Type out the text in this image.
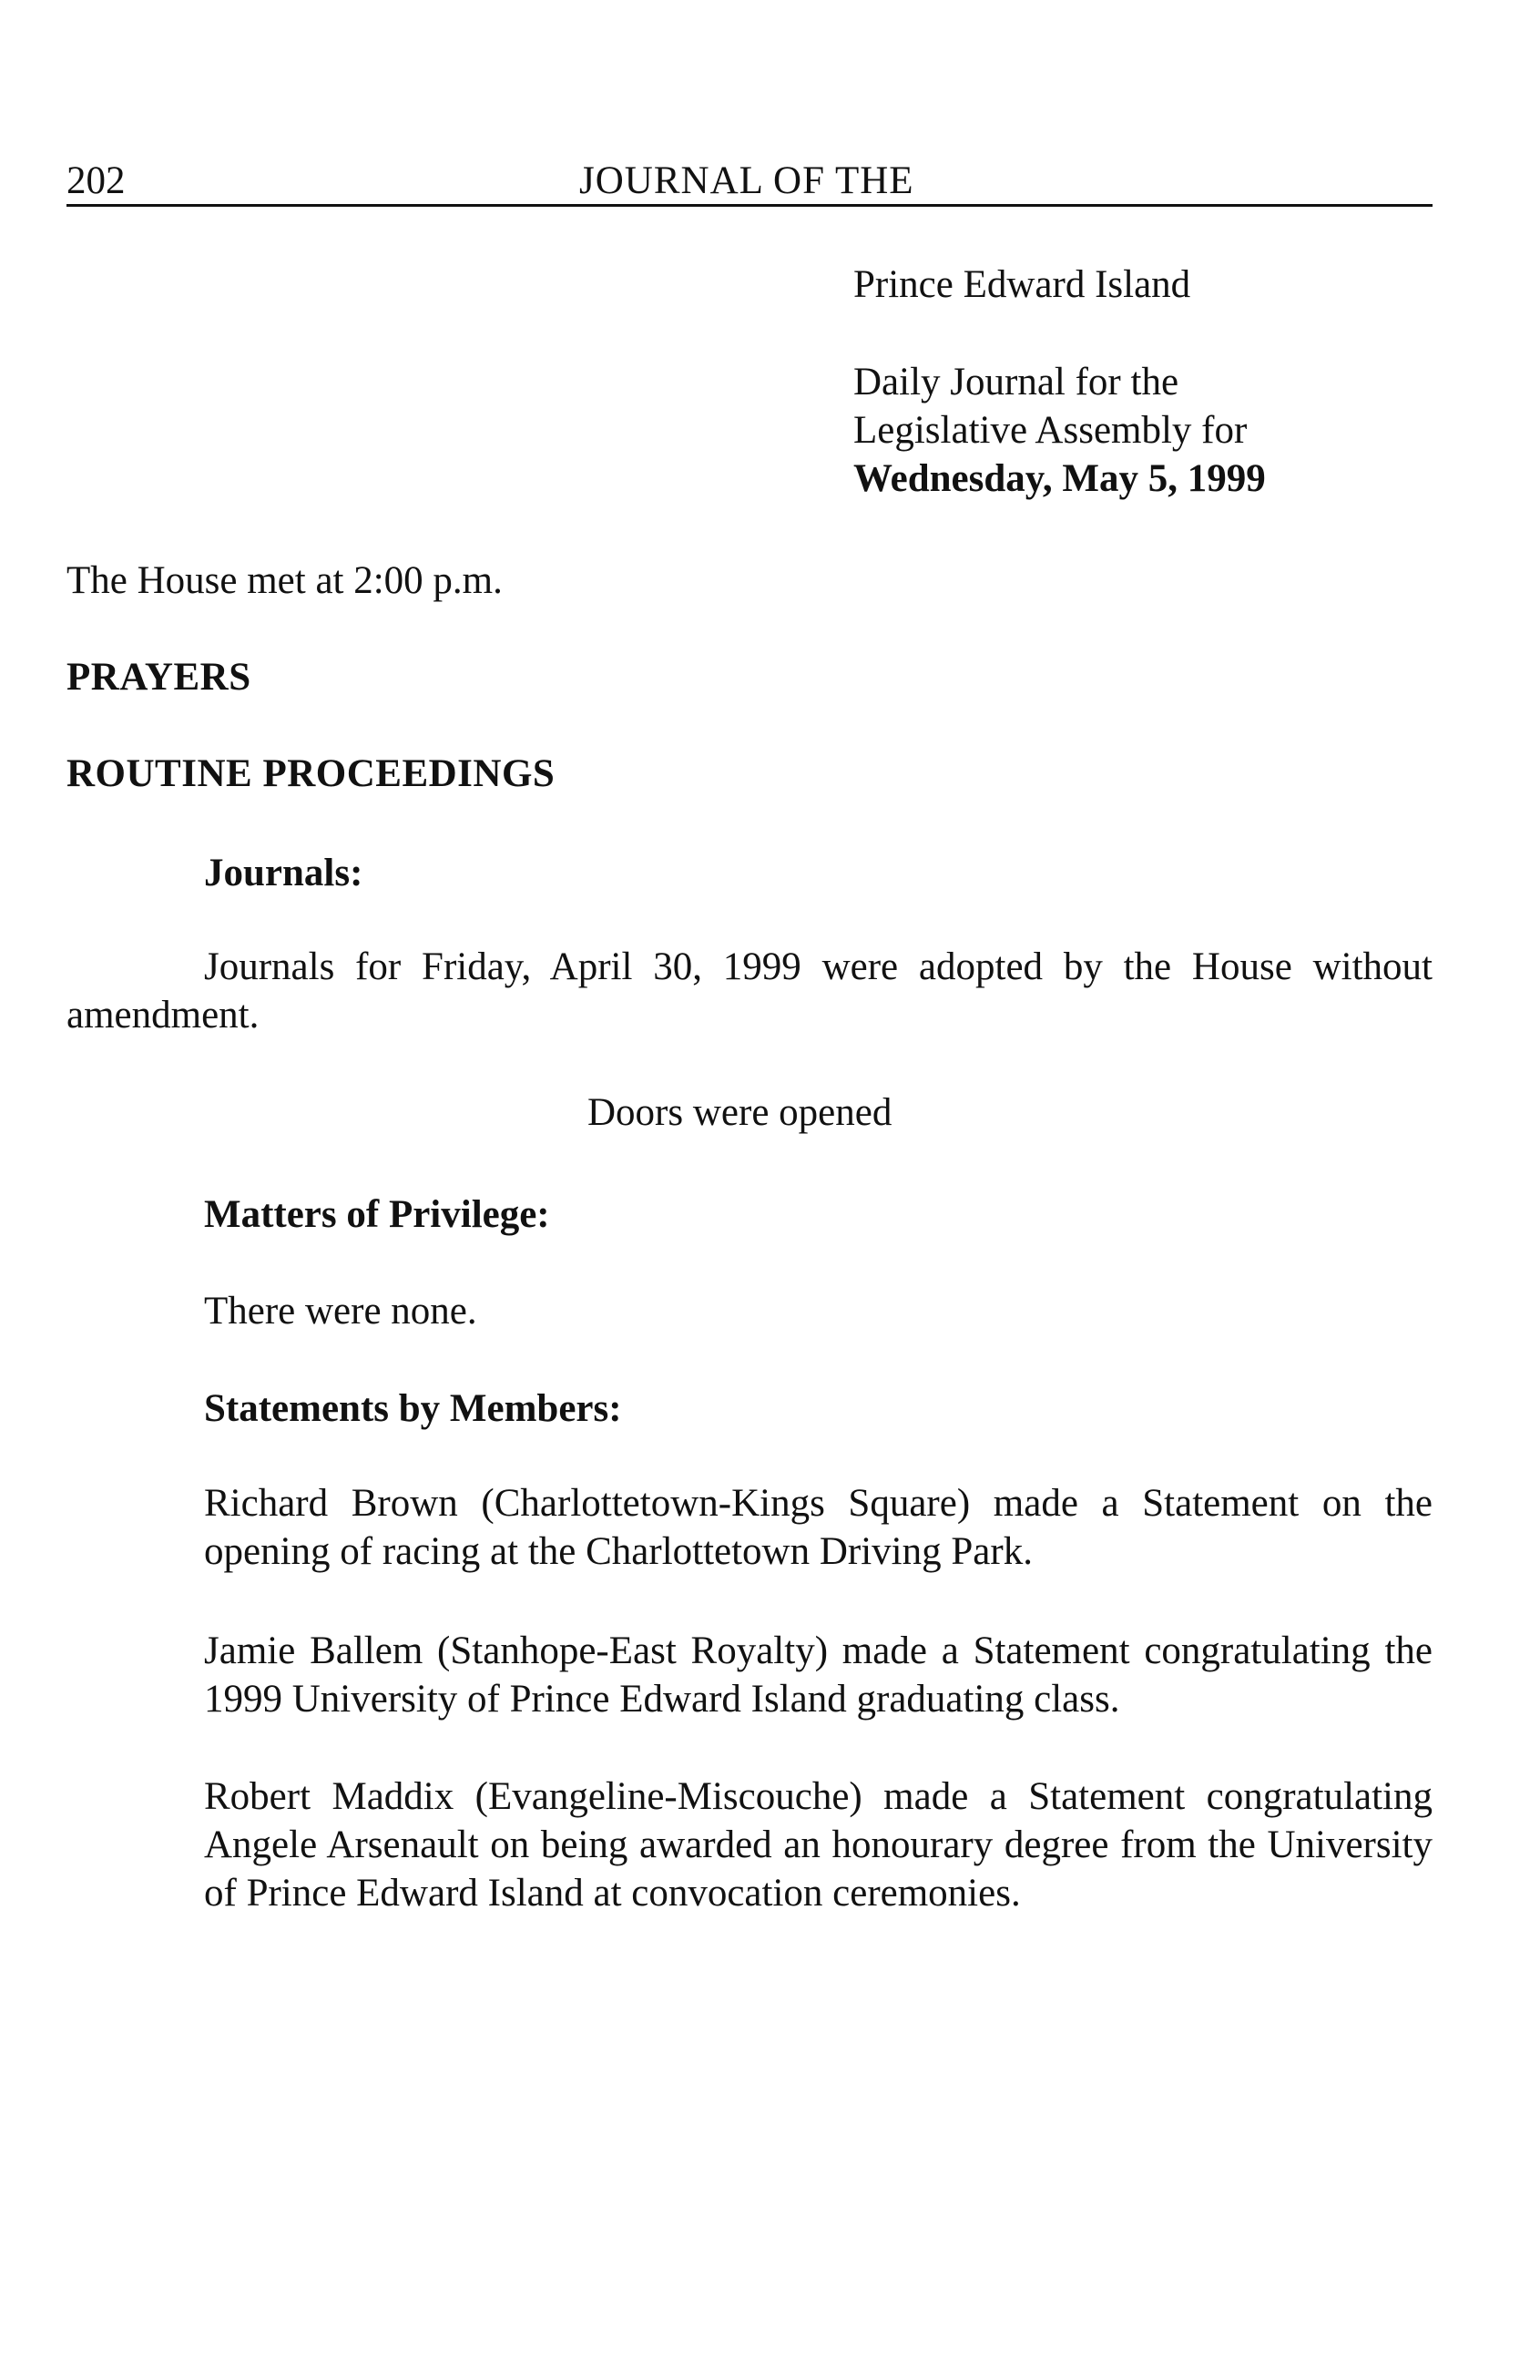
202	JOURNAL OF THE
Prince Edward Island
Daily Journal for the
Legislative Assembly for
Wednesday, May 5, 1999
The House met at 2:00 p.m.
PRAYERS
ROUTINE PROCEEDINGS
Journals:

Journals for Friday, April 30, 1999 were adopted by the House without amendment.

Doors were opened
Matters of Privilege:
There were none.
Statements by Members:

Richard Brown (Charlottetown-Kings Square) made a Statement on the opening of racing at the Charlottetown Driving Park.

Jamie Ballem (Stanhope-East Royalty) made a Statement congratulating the 1999 University of Prince Edward Island graduating class.

Robert Maddix (Evangeline-Miscouche) made a Statement congratulating Angele Arsenault on being awarded an honourary degree from the University of Prince Edward Island at convocation ceremonies.
